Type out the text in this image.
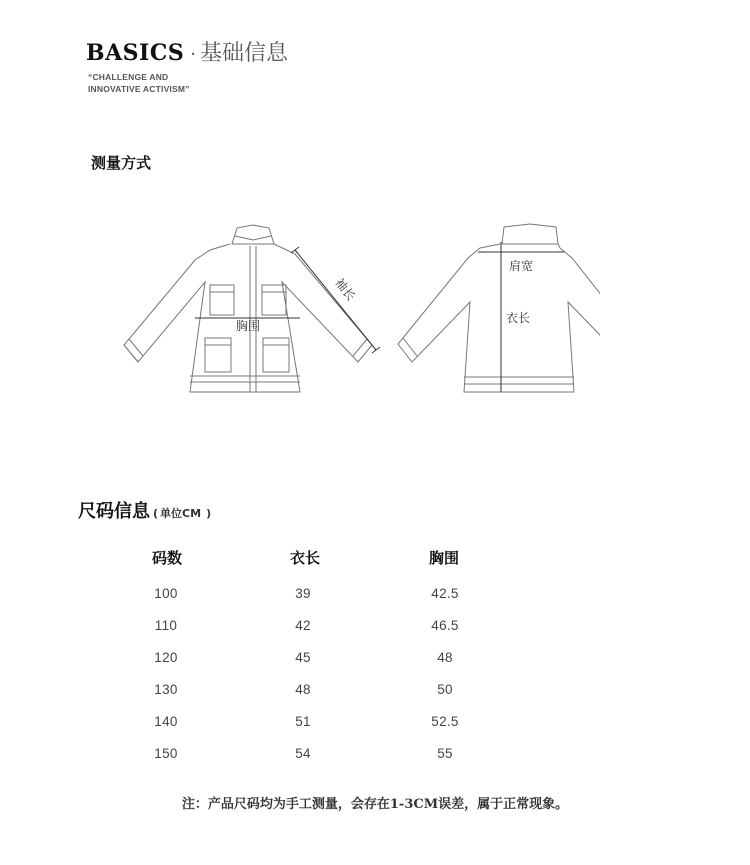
BASICS · 基础信息
“CHALLENGE AND
INNOVATIVE ACTIVISM”
测量方式
胸围
袖长
肩宽
衣长
尺码信息 ( 单位CM )
码数	衣长	胸围
100	39	42.5
110	42	46.5
120	45	48
130	48	50
140	51	52.5
150	54	55
注：产品尺码均为手工测量，会存在1-3CM误差，属于正常现象。
